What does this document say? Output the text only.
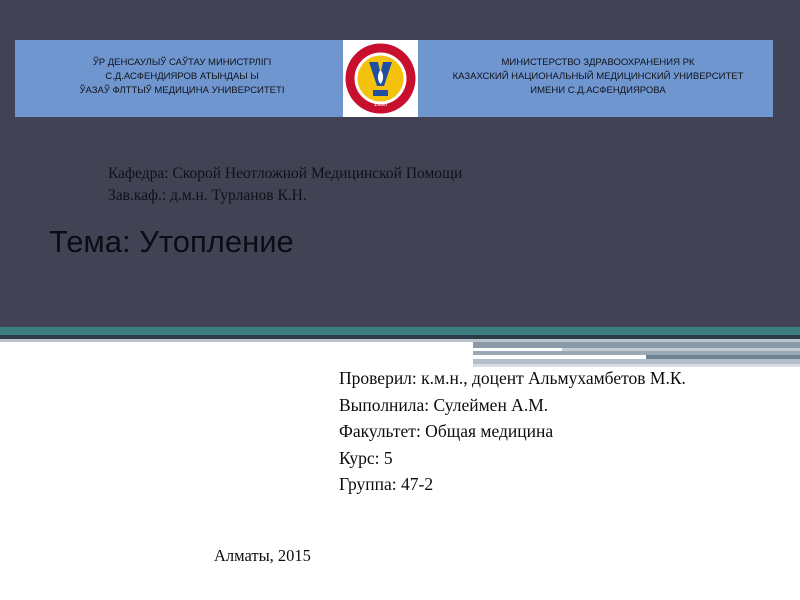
ЎР ДЕНСАУЛЫЎ САЎТАУ МИНИСТРЛIГI
С.Д.АСФЕНДИЯРОВ АТЫНДАЫ Ы
ЎАЗАЎ ФЛТТЫЎ МЕДИЦИНА УНИВЕРСИТЕТI
1930
МИНИСТЕРСТВО ЗДРАВООХРАНЕНИЯ РК
КАЗАХСКИЙ НАЦИОНАЛЬНЫЙ МЕДИЦИНСКИЙ УНИВЕРСИТЕТ
ИМЕНИ С.Д.АСФЕНДИЯРОВА
Кафедра: Скорой Неотложной Медицинской Помощи
Зав.каф.: д.м.н. Турланов К.Н.
Тема: Утопление
Проверил: к.м.н., доцент Альмухамбетов М.К.
Выполнила: Сулеймен А.М.
Факультет: Общая медицина
Курс: 5
Группа: 47-2
Алматы, 2015
